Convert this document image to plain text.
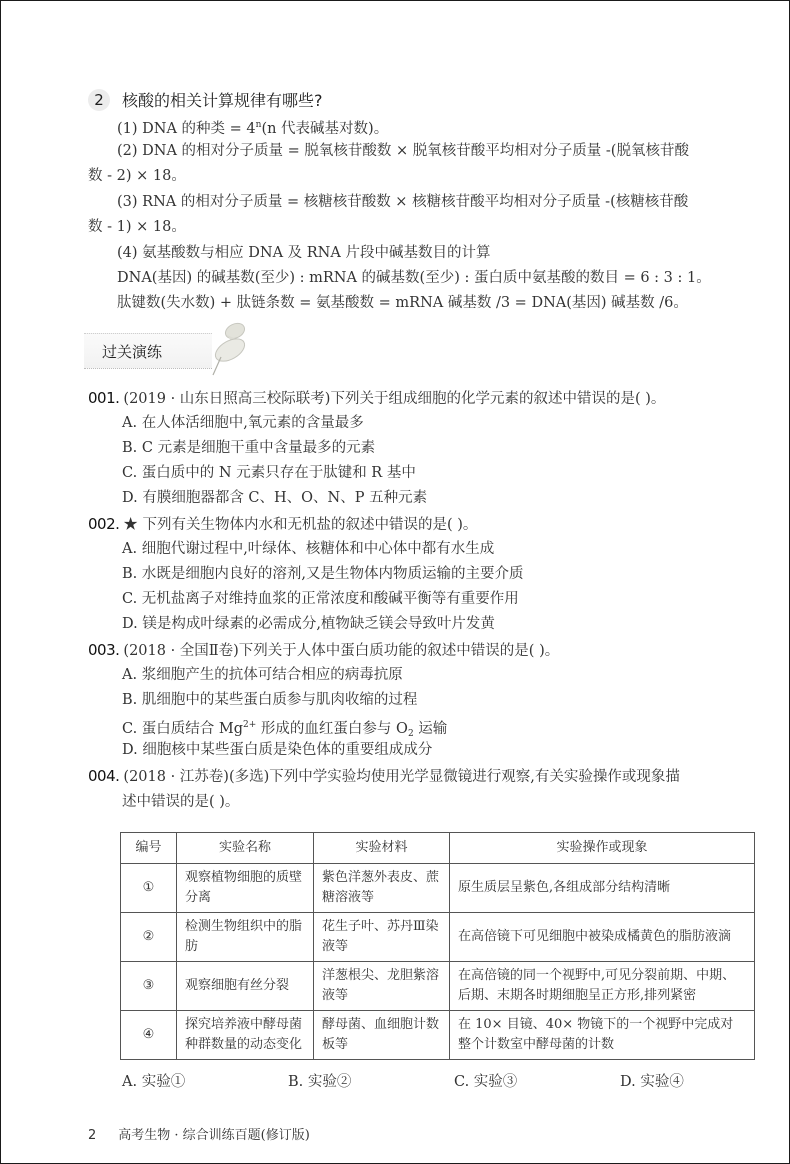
2	核酸的相关计算规律有哪些?
(1) DNA 的种类 = $4^n(n$ 代表碱基对数)。
(2) DNA 的相对分子质量 = 脱氧核苷酸数 × 脱氧核苷酸平均相对分子质量 -(脱氧核苷酸
数 - 2) × 18。
(3) RNA 的相对分子质量 = 核糖核苷酸数 × 核糖核苷酸平均相对分子质量 -(核糖核苷酸
数 - 1) × 18。
(4) 氨基酸数与相应 DNA 及 RNA 片段中碱基数目的计算
DNA(基因) 的碱基数(至少) : mRNA 的碱基数(至少) : 蛋白质中氨基酸的数目 = 6 : 3 : 1。
肽键数(失水数) + 肽链条数 = 氨基酸数 = mRNA 碱基数 /3 = DNA(基因) 碱基数 /6。
过关演练
001. (2019 · 山东日照高三校际联考)下列关于组成细胞的化学元素的叙述中错误的是( )。
A. 在人体活细胞中,氧元素的含量最多
B. C 元素是细胞干重中含量最多的元素
C. 蛋白质中的 N 元素只存在于肽键和 R 基中
D. 有膜细胞器都含 C、H、O、N、P 五种元素
002. ★ 下列有关生物体内水和无机盐的叙述中错误的是( )。
A. 细胞代谢过程中,叶绿体、核糖体和中心体中都有水生成
B. 水既是细胞内良好的溶剂,又是生物体内物质运输的主要介质
C. 无机盐离子对维持血浆的正常浓度和酸碱平衡等有重要作用
D. 镁是构成叶绿素的必需成分,植物缺乏镁会导致叶片发黄
003. (2018 · 全国Ⅱ卷)下列关于人体中蛋白质功能的叙述中错误的是( )。
A. 浆细胞产生的抗体可结合相应的病毒抗原
B. 肌细胞中的某些蛋白质参与肌肉收缩的过程
C. 蛋白质结合 $Mg^{2+}$ 形成的血红蛋白参与 $O_2$ 运输
D. 细胞核中某些蛋白质是染色体的重要组成成分
004. (2018 · 江苏卷)(多选)下列中学实验均使用光学显微镜进行观察,有关实验操作或现象描
述中错误的是( )。
编号	实验名称	实验材料	实验操作或现象
①	观察植物细胞的质壁分离	紫色洋葱外表皮、蔗糖溶液等	原生质层呈紫色,各组成部分结构清晰
②	检测生物组织中的脂肪	花生子叶、苏丹Ⅲ染液等	在高倍镜下可见细胞中被染成橘黄色的脂肪液滴
③	观察细胞有丝分裂	洋葱根尖、龙胆紫溶液等	在高倍镜的同一个视野中,可见分裂前期、中期、后期、末期各时期细胞呈正方形,排列紧密
④	探究培养液中酵母菌种群数量的动态变化	酵母菌、血细胞计数板等	在 10× 目镜、40× 物镜下的一个视野中完成对整个计数室中酵母菌的计数
A. 实验①	B. 实验②	C. 实验③	D. 实验④
2 高考生物 · 综合训练百题(修订版)
